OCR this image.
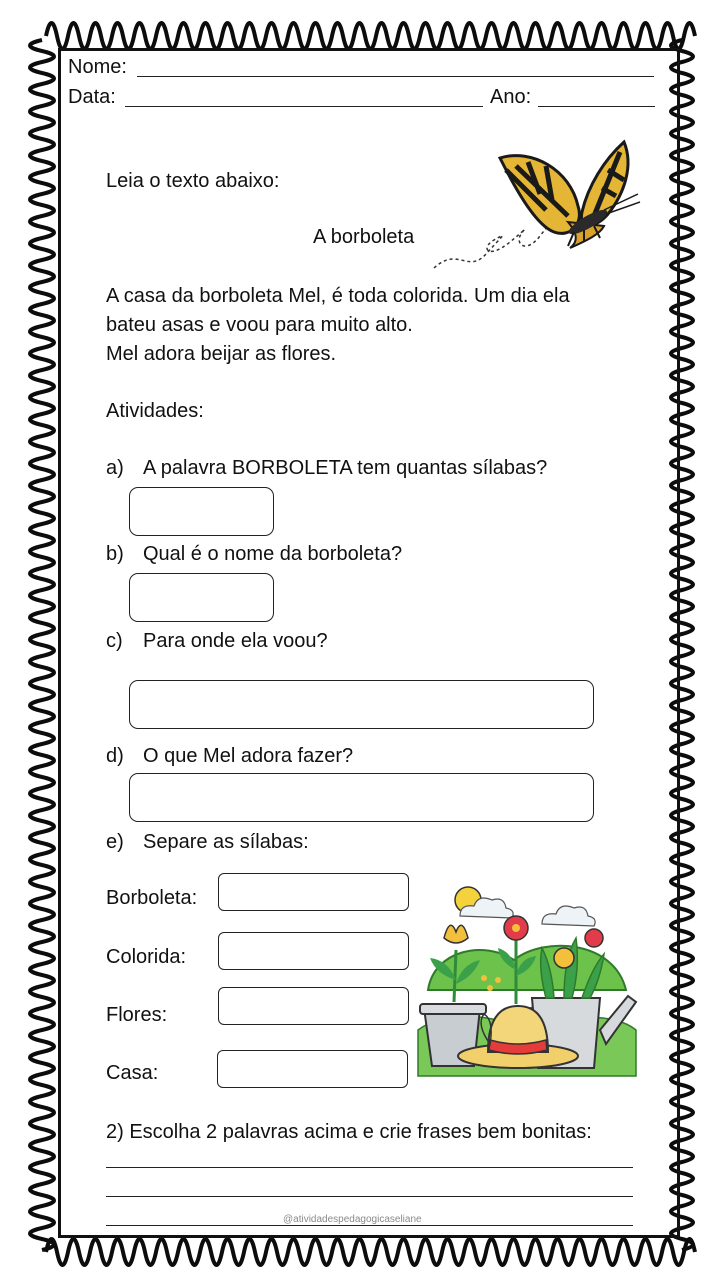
Nome:
Data:	Ano:
Leia o texto abaixo:
A borboleta
A casa da borboleta Mel, é toda colorida. Um dia ela
bateu asas e voou para muito alto.
Mel adora beijar as flores.
Atividades:
a) A palavra BORBOLETA tem quantas sílabas?
b) Qual é o nome da borboleta?
c) Para onde ela voou?
d) O que Mel adora fazer?
e) Separe as sílabas:
Borboleta:
Colorida:
Flores:
Casa:
2) Escolha 2 palavras acima e crie frases bem bonitas:
@atividadespedagogicaseliane
